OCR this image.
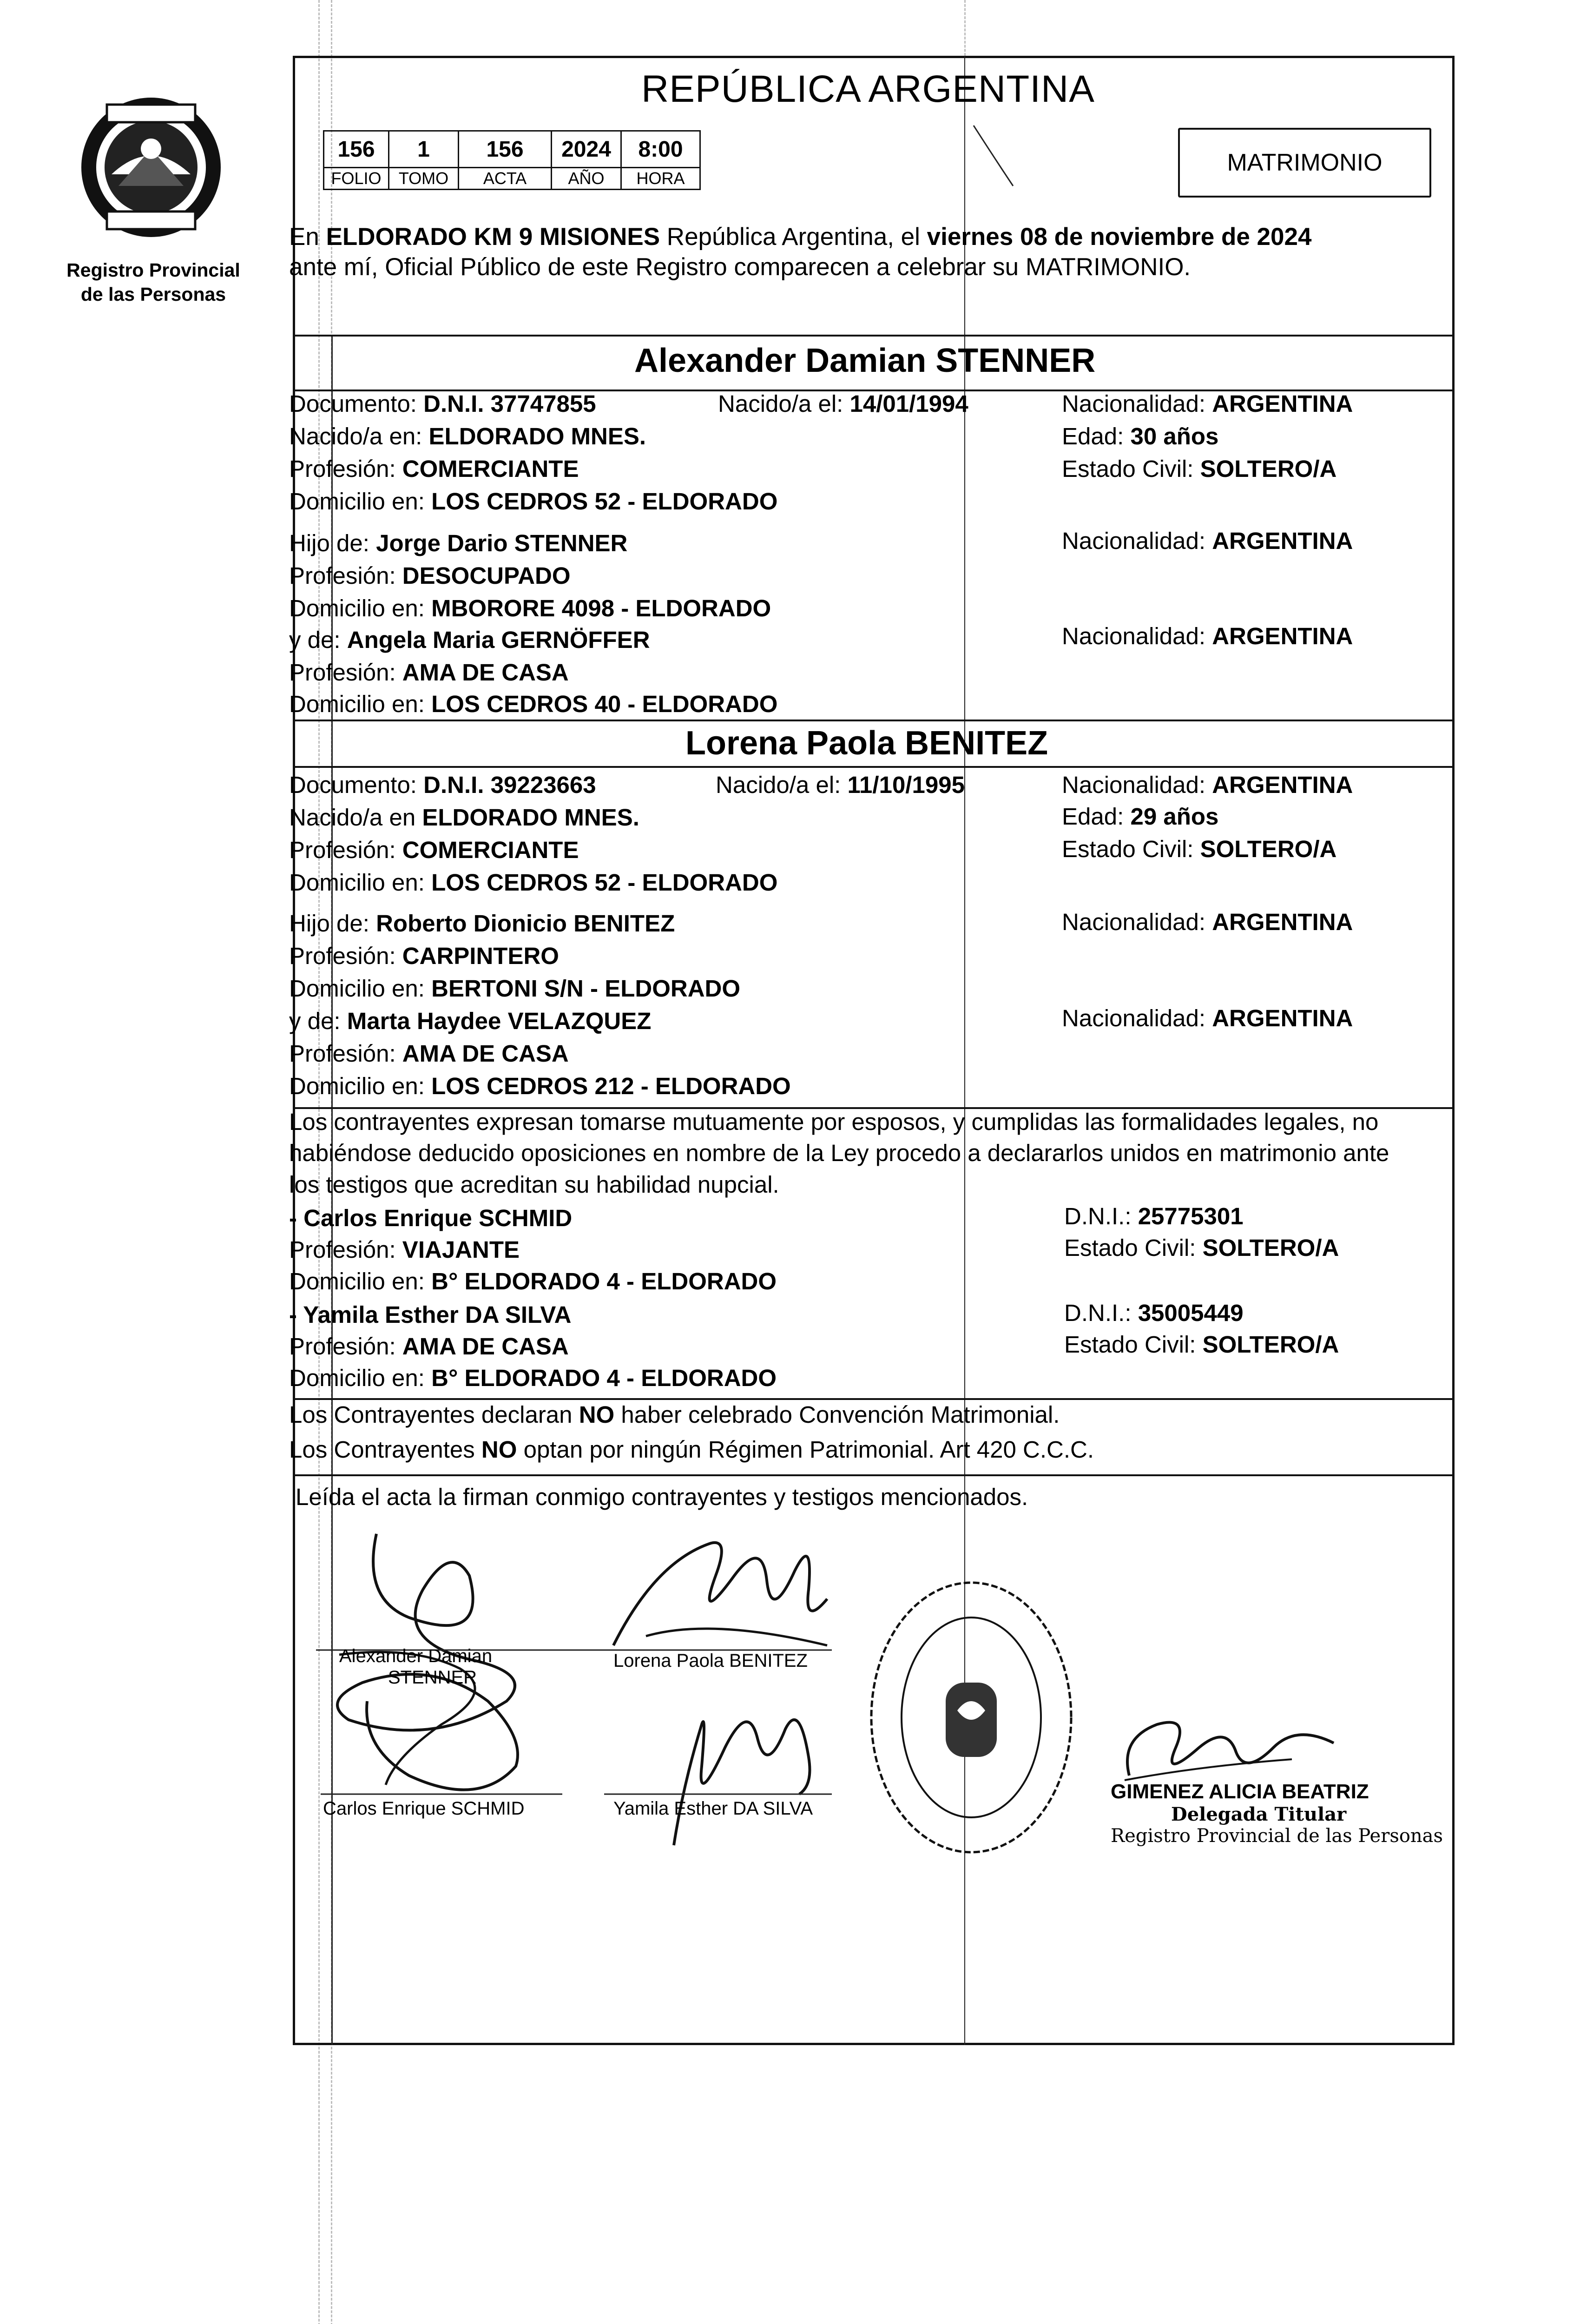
Registro Provincial
de las Personas
REPÚBLICA ARGENTINA
156	1	156	2024	8:00
FOLIO	TOMO	ACTA	AÑO	HORA
MATRIMONIO
En ELDORADO KM 9 MISIONES República Argentina, el viernes 08 de noviembre de 2024
ante mí, Oficial Público de este Registro comparecen a celebrar su MATRIMONIO.
Alexander Damian STENNER
Documento: D.N.I. 37747855	Nacido/a el: 14/01/1994	Nacionalidad: ARGENTINA
Nacido/a en: ELDORADO MNES.	Edad: 30 años
Profesión: COMERCIANTE	Estado Civil: SOLTERO/A
Domicilio en: LOS CEDROS 52 - ELDORADO
Hijo de: Jorge Dario STENNER	Nacionalidad: ARGENTINA
Profesión: DESOCUPADO
Domicilio en: MBORORE 4098 - ELDORADO
y de: Angela Maria GERNÖFFER	Nacionalidad: ARGENTINA
Profesión: AMA DE CASA
Domicilio en: LOS CEDROS 40 - ELDORADO
Lorena Paola BENITEZ
Documento: D.N.I. 39223663	Nacido/a el: 11/10/1995	Nacionalidad: ARGENTINA
Nacido/a en ELDORADO MNES.	Edad: 29 años
Profesión: COMERCIANTE	Estado Civil: SOLTERO/A
Domicilio en: LOS CEDROS 52 - ELDORADO
Hijo de: Roberto Dionicio BENITEZ	Nacionalidad: ARGENTINA
Profesión: CARPINTERO
Domicilio en: BERTONI S/N - ELDORADO
y de: Marta Haydee VELAZQUEZ	Nacionalidad: ARGENTINA
Profesión: AMA DE CASA
Domicilio en: LOS CEDROS 212 - ELDORADO
Los contrayentes expresan tomarse mutuamente por esposos, y cumplidas las formalidades legales, no
habiéndose deducido oposiciones en nombre de la Ley procedo a declararlos unidos en matrimonio ante
los testigos que acreditan su habilidad nupcial.
- Carlos Enrique SCHMID	D.N.I.: 25775301
Profesión: VIAJANTE	Estado Civil: SOLTERO/A
Domicilio en: B° ELDORADO 4 - ELDORADO
- Yamila Esther DA SILVA	D.N.I.: 35005449
Profesión: AMA DE CASA	Estado Civil: SOLTERO/A
Domicilio en: B° ELDORADO 4 - ELDORADO
Los Contrayentes declaran NO haber celebrado Convención Matrimonial.
Los Contrayentes NO optan por ningún Régimen Patrimonial. Art 420 C.C.C.
Leída el acta la firman conmigo contrayentes y testigos mencionados.
Alexander Damian
STENNER
Lorena Paola BENITEZ
Carlos Enrique SCHMID	Yamila Esther DA SILVA
GIMENEZ ALICIA BEATRIZ
Delegada Titular
Registro Provincial de las Personas
